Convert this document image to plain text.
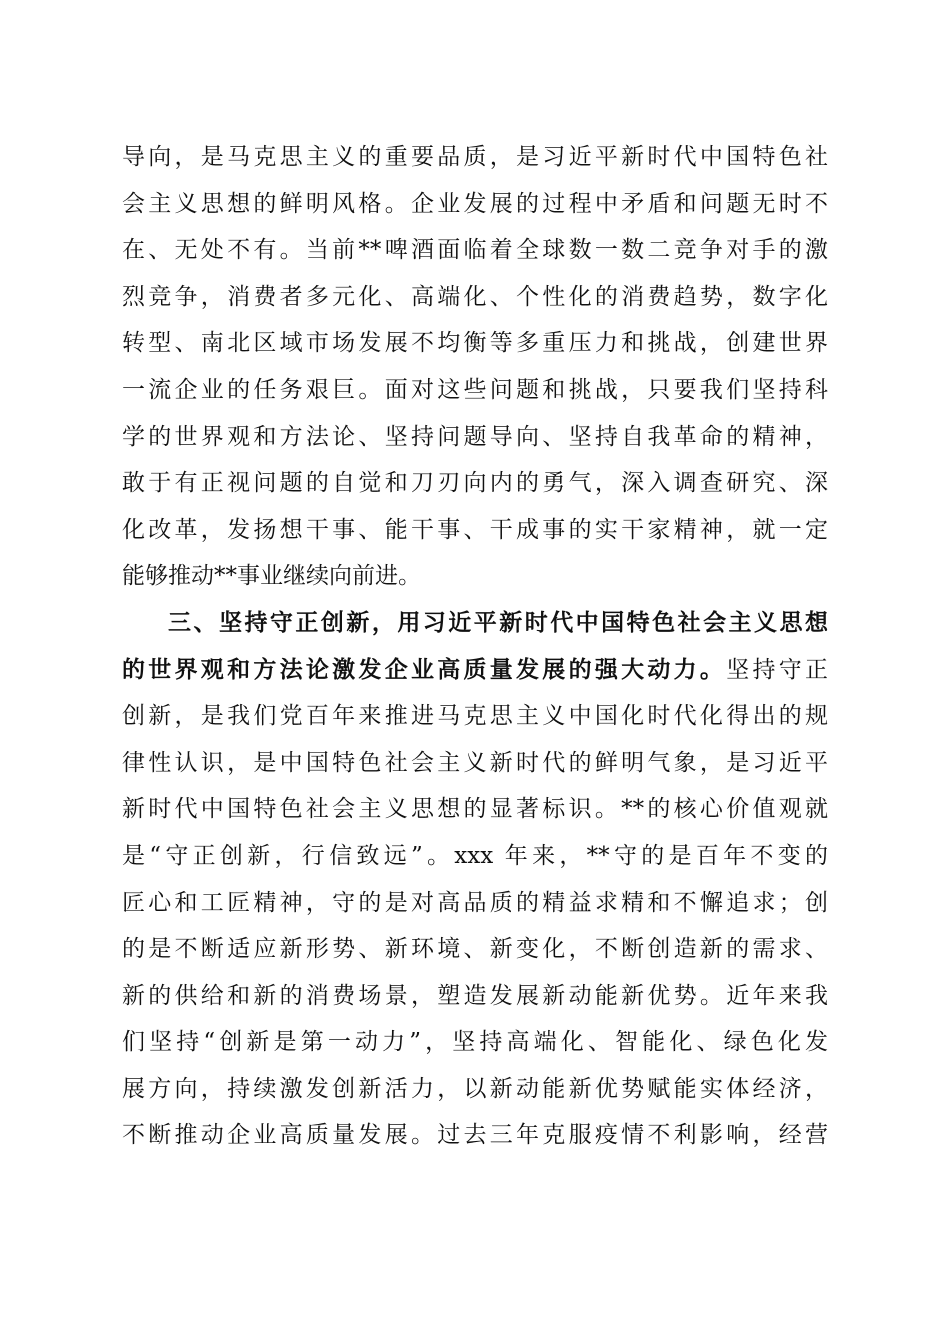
导向，是马克思主义的重要品质，是习近平新时代中国特色社
会主义思想的鲜明风格。企业发展的过程中矛盾和问题无时不
在、无处不有。当前**啤酒面临着全球数一数二竞争对手的激
烈竞争，消费者多元化、高端化、个性化的消费趋势，数字化
转型、南北区域市场发展不均衡等多重压力和挑战，创建世界
一流企业的任务艰巨。面对这些问题和挑战，只要我们坚持科
学的世界观和方法论、坚持问题导向、坚持自我革命的精神，
敢于有正视问题的自觉和刀刃向内的勇气，深入调查研究、深
化改革，发扬想干事、能干事、干成事的实干家精神，就一定
能够推动**事业继续向前进。
三、坚持守正创新，用习近平新时代中国特色社会主义思想
的世界观和方法论激发企业高质量发展的强大动力。坚持守正
创新，是我们党百年来推进马克思主义中国化时代化得出的规
律性认识，是中国特色社会主义新时代的鲜明气象，是习近平
新时代中国特色社会主义思想的显著标识。**的核心价值观就
是“守正创新，行信致远”。xxx 年来，**守的是百年不变的
匠心和工匠精神，守的是对高品质的精益求精和不懈追求；创
的是不断适应新形势、新环境、新变化，不断创造新的需求、
新的供给和新的消费场景，塑造发展新动能新优势。近年来我
们坚持“创新是第一动力”，坚持高端化、智能化、绿色化发
展方向，持续激发创新活力，以新动能新优势赋能实体经济，
不断推动企业高质量发展。过去三年克服疫情不利影响，经营
